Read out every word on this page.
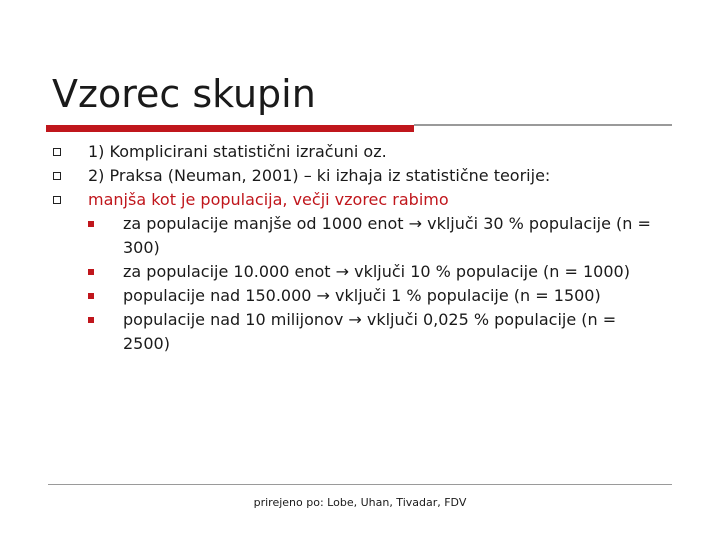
Vzorec skupin
1) Komplicirani statistični izračuni oz.
2) Praksa (Neuman, 2001) – ki izhaja iz statistične teorije:
manjša kot je populacija, večji vzorec rabimo
za populacije manjše od 1000 enot → vključi 30 % populacije (n = 300)
za populacije 10.000 enot → vključi 10 % populacije (n = 1000)
populacije nad 150.000 → vključi 1 % populacije (n = 1500)
populacije nad 10 milijonov → vključi 0,025 % populacije (n = 2500)
prirejeno po: Lobe, Uhan, Tivadar, FDV
